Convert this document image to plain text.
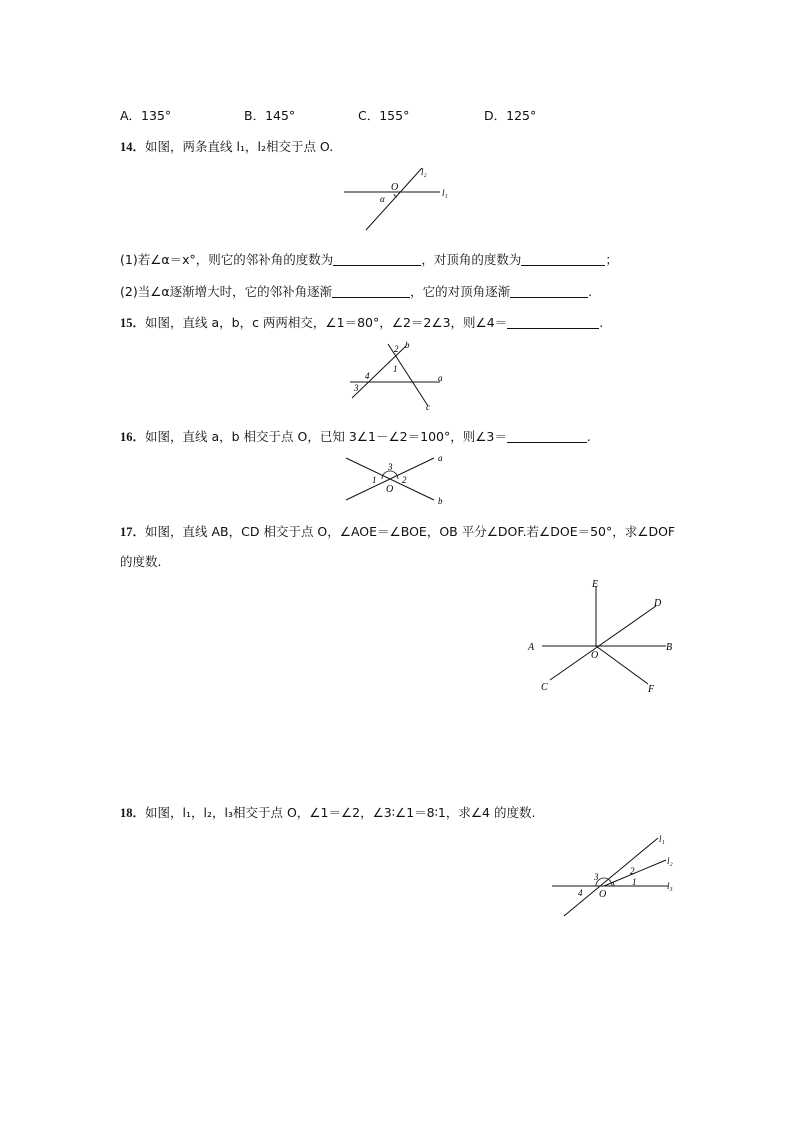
A．135°	B．145°	C．155°	D．125°
14．如图，两条直线 l₁，l₂相交于点 O.
O
α
l₂
l₁
(1)若∠α＝x°，则它的邻补角的度数为	，对顶角的度数为	；
(2)当∠α逐渐增大时，它的邻补角逐渐	，它的对顶角逐渐	.
15．如图，直线 a，b，c 两两相交，∠1＝80°，∠2＝2∠3，则∠4＝	.
2 b
1
4
3
a
c
16．如图，直线 a，b 相交于点 O，已知 3∠1－∠2＝100°，则∠3＝	.
3
1	2
O
a
b
17．如图，直线 AB，CD 相交于点 O，∠AOE＝∠BOE，OB 平分∠DOF.若∠DOE＝50°，求∠DOF
的度数.
E
D
A	B
O
C	F
18．如图，l₁，l₂，l₃相交于点 O，∠1＝∠2，∠3∶∠1＝8∶1，求∠4 的度数.
l₁
l₂
l₃
2
1
3
4 O
